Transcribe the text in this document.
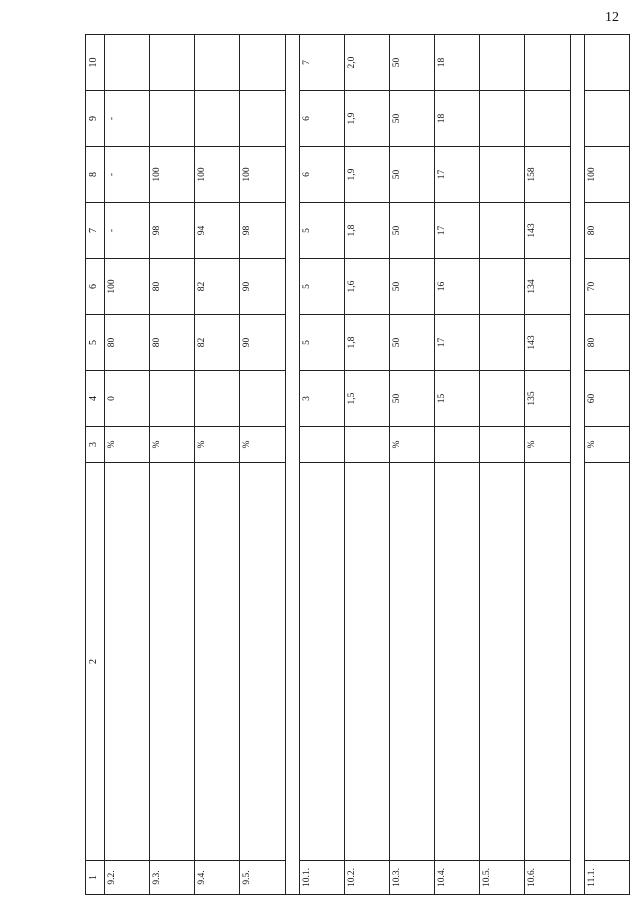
12
1	2	3	4	5	6	7	8	9	10
9.2.		%	0	80	100	-	-	-	
9.3.		%		80	80	98	100		
9.4.		%		82	82	94	100		
9.5.		%		90	90	98	100		

10.1.			3	5	5	5	6	6	7
10.2.			1,5	1,8	1,6	1,8	1,9	1,9	2,0
10.3.		%	50	50	50	50	50	50	50
10.4.			15	17	16	17	17	18	18
10.5.									
10.6.		%	135	143	134	143	158		

11.1.		%	60	80	70	80	100		
